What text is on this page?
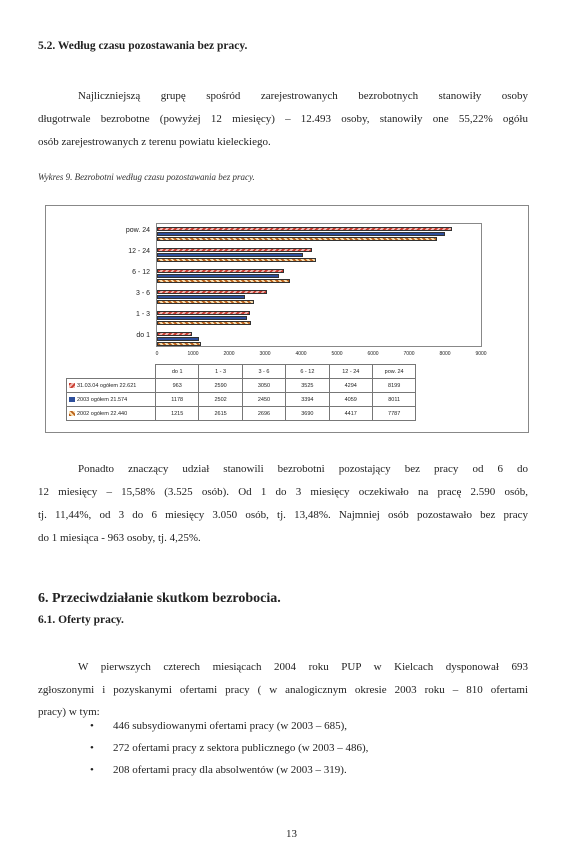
5.2. Według czasu pozostawania bez pracy.
Najliczniejszą grupę spośród zarejestrowanych bezrobotnych stanowiły osoby
długotrwale bezrobotne (powyżej 12 miesięcy) – 12.493 osoby, stanowiły one 55,22% ogółu
osób zarejestrowanych z terenu powiatu kieleckiego.
Wykres 9. Bezrobotni według czasu pozostawania bez pracy.
pow. 24
12 - 24
6 - 12
3 - 6
1 - 3
do 1
0	1000	2000	3000	4000	5000	6000	7000	8000	9000
	do 1	1 - 3	3 - 6	6 - 12	12 - 24	pow. 24
31.03.04 ogółem 22.621	963	2590	3050	3525	4294	8199
2003 ogółem 21.574	1178	2502	2450	3394	4059	8011
2002 ogółem 22.440	1215	2615	2696	3690	4417	7787
Ponadto znaczący udział stanowili bezrobotni pozostający bez pracy od 6 do
12 miesięcy – 15,58% (3.525 osób). Od 1 do 3 miesięcy oczekiwało na pracę 2.590 osób,
tj. 11,44%, od 3 do 6 miesięcy 3.050 osób, tj. 13,48%. Najmniej osób pozostawało bez pracy
do 1 miesiąca - 963 osoby, tj. 4,25%.
6. Przeciwdziałanie skutkom bezrobocia.
6.1. Oferty pracy.
W pierwszych czterech miesiącach 2004 roku PUP w Kielcach dysponował 693
zgłoszonymi i pozyskanymi ofertami pracy ( w analogicznym okresie 2003 roku – 810 ofertami
pracy) w tym:
• 446 subsydiowanymi ofertami pracy (w 2003 – 685),
• 272 ofertami pracy z sektora publicznego (w 2003 – 486),
• 208 ofertami pracy dla absolwentów (w 2003 – 319).
13
